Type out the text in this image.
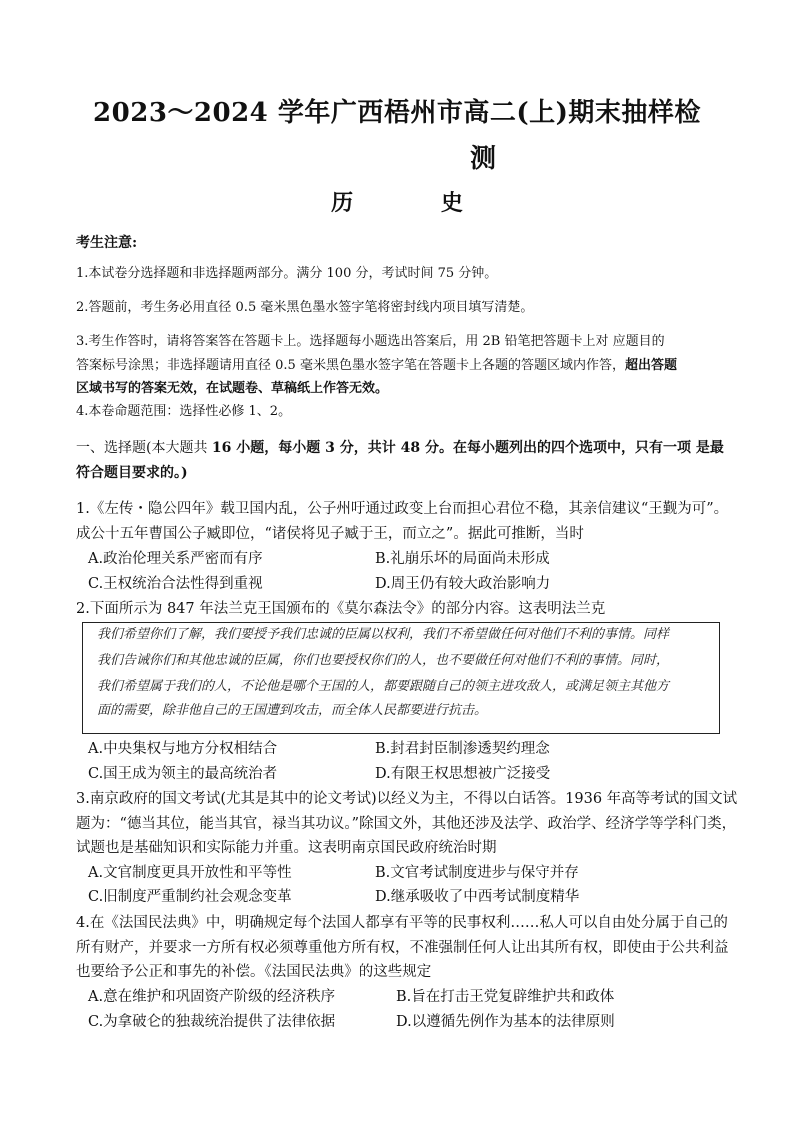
2023～2024 学年广西梧州市高二(上)期末抽样检
测
历 史
考生注意:
1.本试卷分选择题和非选择题两部分。满分 100 分，考试时间 75 分钟。
2.答题前，考生务必用直径 0.5 毫米黑色墨水签字笔将密封线内项目填写清楚。
3.考生作答时，请将答案答在答题卡上。选择题每小题选出答案后，用 2B 铅笔把答题卡上对 应题目的
答案标号涂黑；非选择题请用直径 0.5 毫米黑色墨水签字笔在答题卡上各题的答题区域内作答，超出答题
区域书写的答案无效，在试题卷、草稿纸上作答无效。
4.本卷命题范围：选择性必修 1、2。
一、选择题(本大题共 16 小题，每小题 3 分，共计 48 分。在每小题列出的四个选项中，只有一项 是最
符合题目要求的。)
1.《左传・隐公四年》载卫国内乱，公子州吁通过政变上台而担心君位不稳，其亲信建议“王觐为可”。
成公十五年曹国公子臧即位，“诸侯将见子臧于王，而立之”。据此可推断，当时
A.政治伦理关系严密而有序	B.礼崩乐坏的局面尚未形成
C.王权统治合法性得到重视	D.周王仍有较大政治影响力
2.下面所示为 847 年法兰克王国颁布的《莫尔森法令》的部分内容。这表明法兰克
我们希望你们了解，我们要授予我们忠诚的臣属以权利，我们不希望做任何对他们不利的事情。同样
我们告诫你们和其他忠诚的臣属，你们也要授权你们的人，也不要做任何对他们不利的事情。同时，
我们希望属于我们的人，不论他是哪个王国的人，都要跟随自己的领主进攻敌人，或满足领主其他方
面的需要，除非他自己的王国遭到攻击，而全体人民都要进行抗击。
A.中央集权与地方分权相结合	B.封君封臣制渗透契约理念
C.国王成为领主的最高统治者	D.有限王权思想被广泛接受
3.南京政府的国文考试(尤其是其中的论文考试)以经义为主，不得以白话答。1936 年高等考试的国文试
题为：“德当其位，能当其官，禄当其功议。”除国文外，其他还涉及法学、政治学、经济学等学科门类，
试题也是基础知识和实际能力并重。这表明南京国民政府统治时期
A.文官制度更具开放性和平等性	B.文官考试制度进步与保守并存
C.旧制度严重制约社会观念变革	D.继承吸收了中西考试制度精华
4.在《法国民法典》中，明确规定每个法国人都享有平等的民事权利……私人可以自由处分属于自己的
所有财产，并要求一方所有权必须尊重他方所有权，不准强制任何人让出其所有权，即使由于公共利益
也要给予公正和事先的补偿。《法国民法典》的这些规定
A.意在维护和巩固资产阶级的经济秩序	B.旨在打击王党复辟维护共和政体
C.为拿破仑的独裁统治提供了法律依据	D.以遵循先例作为基本的法律原则
